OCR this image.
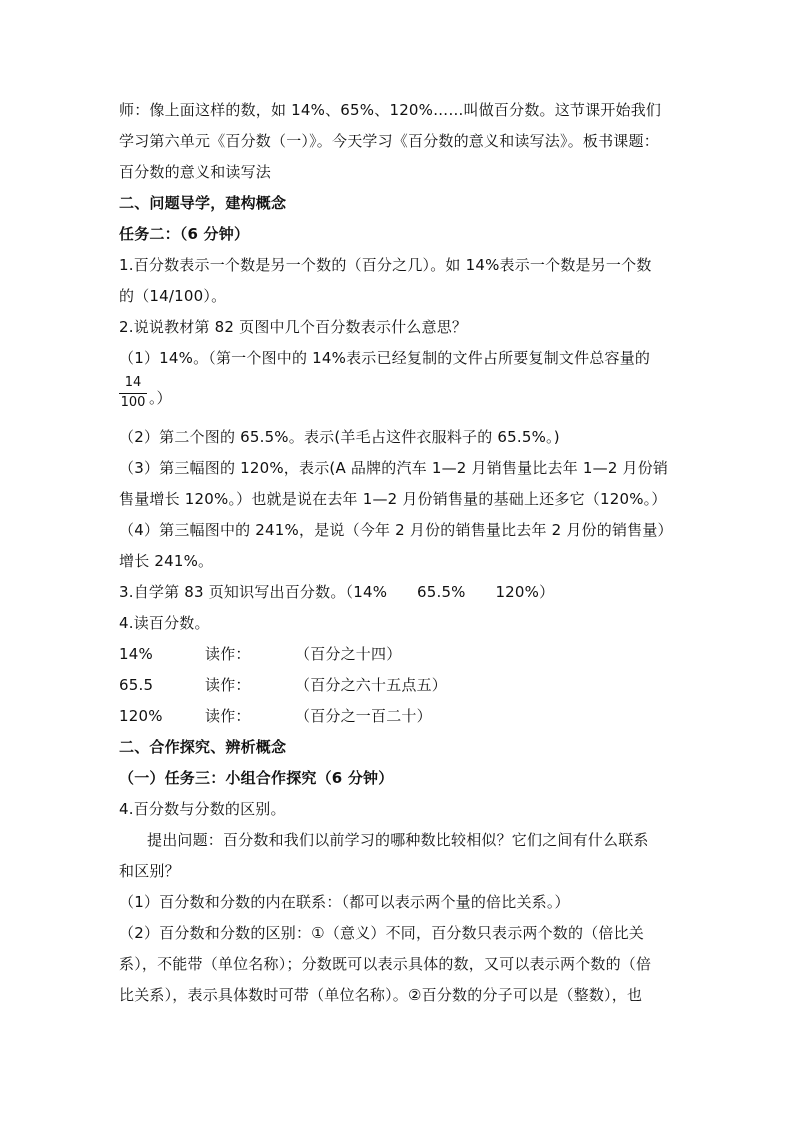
师：像上面这样的数，如 14%、65%、120%……叫做百分数。这节课开始我们
学习第六单元《百分数（一）》。今天学习《百分数的意义和读写法》。板书课题：
百分数的意义和读写法
二、问题导学，建构概念
任务二：（6 分钟）
1.百分数表示一个数是另一个数的（百分之几）。如 14%表示一个数是另一个数
的（14/100）。
2.说说教材第 82 页图中几个百分数表示什么意思？
（1）14%。（第一个图中的 14%表示已经复制的文件占所要复制文件总容量的
$\frac{14}{100}$ 。）
（2）第二个图的 65.5%。表示(羊毛占这件衣服料子的 65.5%。)
（3）第三幅图的 120%，表示(A 品牌的汽车 1—2 月销售量比去年 1—2 月份销
售量增长 120%。）也就是说在去年 1—2 月份销售量的基础上还多它（120%。）
（4）第三幅图中的 241%，是说（今年 2 月份的销售量比去年 2 月份的销售量）
增长 241%。
3.自学第 83 页知识写出百分数。（14%      65.5%      120%）
4.读百分数。
14%	读作：	（百分之十四）
65.5	读作：	（百分之六十五点五）
120%	读作：	（百分之一百二十）
二、合作探究、辨析概念
（一）任务三：小组合作探究（6 分钟）
4.百分数与分数的区别。
提出问题：百分数和我们以前学习的哪种数比较相似？它们之间有什么联系
和区别？
（1）百分数和分数的内在联系：（都可以表示两个量的倍比关系。）
（2）百分数和分数的区别：①（意义）不同，百分数只表示两个数的（倍比关
系），不能带（单位名称）；分数既可以表示具体的数，又可以表示两个数的（倍
比关系），表示具体数时可带（单位名称）。②百分数的分子可以是（整数），也
